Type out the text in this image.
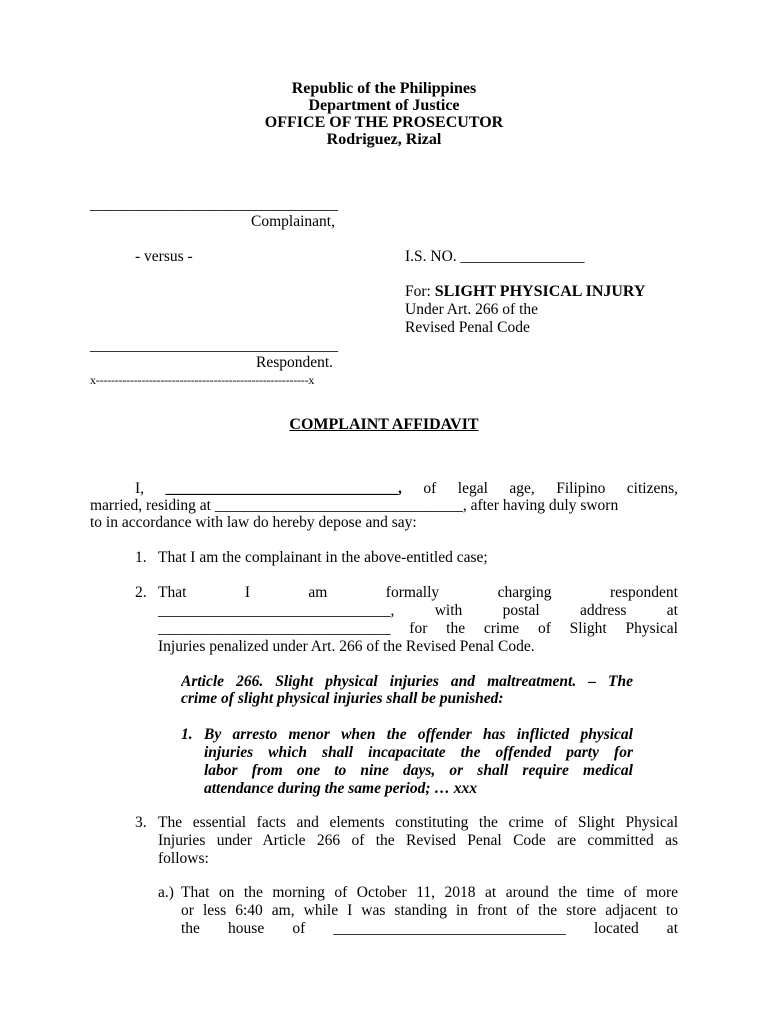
Republic of the Philippines
Department of Justice
OFFICE OF THE PROSECUTOR
Rodriguez, Rizal
________________________________
Complainant,
- versus -	I.S. NO. ________________
For: SLIGHT PHYSICAL INJURY
Under Art. 266 of the
Revised Penal Code
________________________________
Respondent.
x--------------------------------------------------------x
COMPLAINT AFFIDAVIT
I, ______________________________, of legal age, Filipino citizens,
married, residing at ________________________________, after having duly sworn
to in accordance with law do hereby depose and say:
1. That I am the complainant in the above-entitled case;
2. That I am formally charging respondent
______________________________, with postal address at
______________________________ for the crime of Slight Physical
Injuries penalized under Art. 266 of the Revised Penal Code.
Article 266. Slight physical injuries and maltreatment. – The
crime of slight physical injuries shall be punished:
1. By arresto menor when the offender has inflicted physical
injuries which shall incapacitate the offended party for
labor from one to nine days, or shall require medical
attendance during the same period; … xxx
3. The essential facts and elements constituting the crime of Slight Physical
Injuries under Article 266 of the Revised Penal Code are committed as
follows:
a.) That on the morning of October 11, 2018 at around the time of more
or less 6:40 am, while I was standing in front of the store adjacent to
the house of ______________________________ located at
